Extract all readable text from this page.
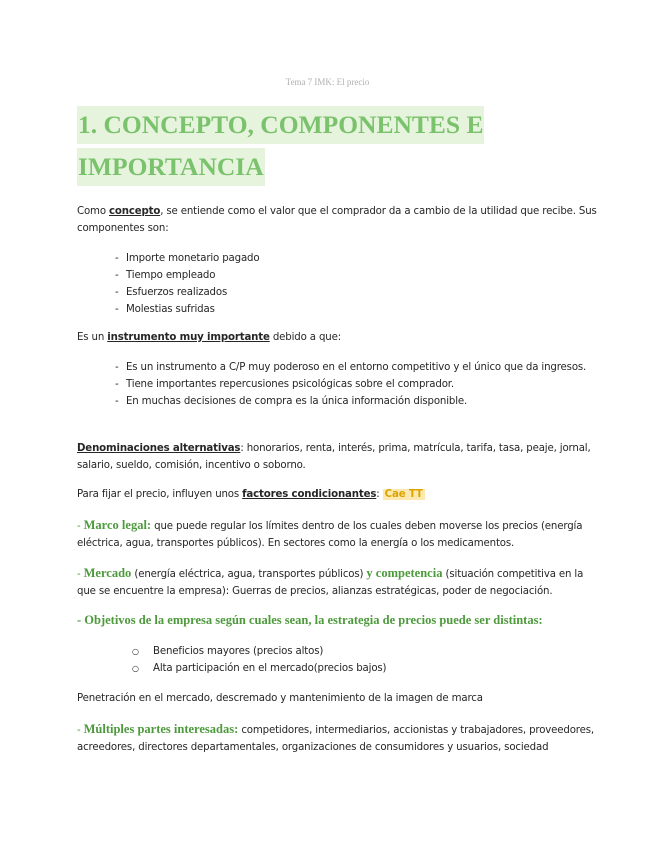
Tema 7 IMK: El precio
1. CONCEPTO, COMPONENTES E
IMPORTANCIA
Como concepto, se entiende como el valor que el comprador da a cambio de la utilidad que recibe. Sus
componentes son:
- Importe monetario pagado
- Tiempo empleado
- Esfuerzos realizados
- Molestias sufridas
Es un instrumento muy importante debido a que:
- Es un instrumento a C/P muy poderoso en el entorno competitivo y el único que da ingresos.
- Tiene importantes repercusiones psicológicas sobre el comprador.
- En muchas decisiones de compra es la única información disponible.
Denominaciones alternativas: honorarios, renta, interés, prima, matrícula, tarifa, tasa, peaje, jornal,
salario, sueldo, comisión, incentivo o soborno.
Para fijar el precio, influyen unos factores condicionantes: Cae TT
- Marco legal: que puede regular los límites dentro de los cuales deben moverse los precios (energía
eléctrica, agua, transportes públicos). En sectores como la energía o los medicamentos.
- Mercado (energía eléctrica, agua, transportes públicos) y competencia (situación competitiva en la
que se encuentre la empresa): Guerras de precios, alianzas estratégicas, poder de negociación.
- Objetivos de la empresa según cuales sean, la estrategia de precios puede ser distintas:
○ Beneficios mayores (precios altos)
○ Alta participación en el mercado(precios bajos)
Penetración en el mercado, descremado y mantenimiento de la imagen de marca
- Múltiples partes interesadas: competidores, intermediarios, accionistas y trabajadores, proveedores,
acreedores, directores departamentales, organizaciones de consumidores y usuarios, sociedad
